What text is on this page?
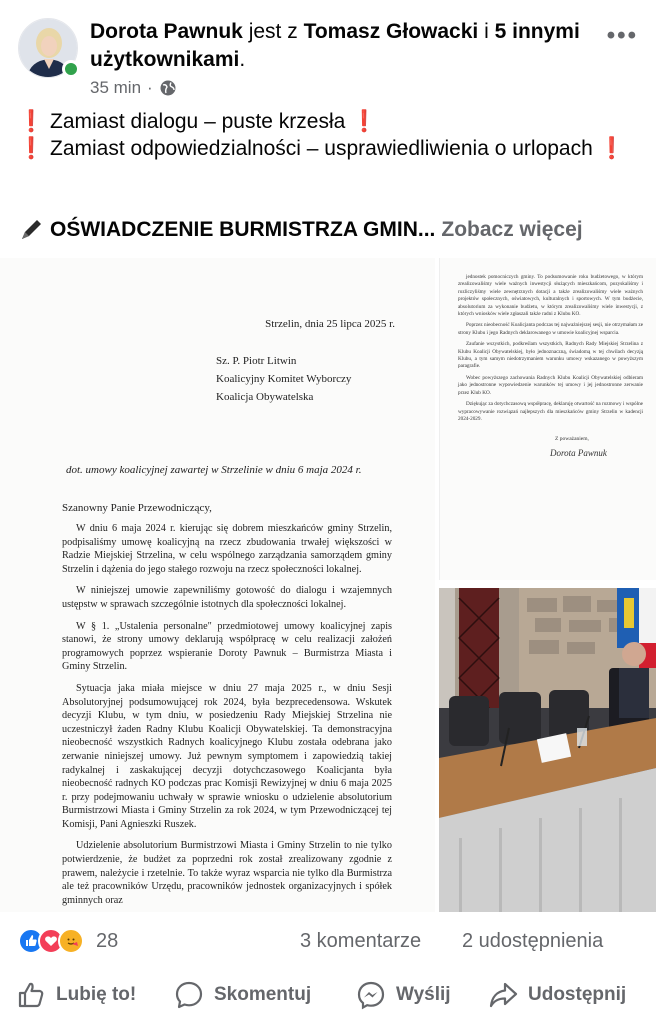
Dorota Pawnuk jest z Tomasz Głowacki i 5 innymi użytkownikami.
35 min ·
•••

❗ Zamiast dialogu – puste krzesła ❗

❗ Zamiast odpowiedzialności – usprawiedliwienia o urlopach ❗

OŚWIADCZENIE BURMISTRZA GMIN... Zobacz więcej
Strzelin, dnia 25 lipca 2025 r.
Sz. P. Piotr Litwin
Koalicyjny Komitet Wyborczy
Koalicja Obywatelska
dot. umowy koalicyjnej zawartej w Strzelinie w dniu 6 maja 2024 r.
Szanowny Panie Przewodniczący,

W dniu 6 maja 2024 r. kierując się dobrem mieszkańców gminy Strzelin, podpisaliśmy umowę koalicyjną na rzecz zbudowania trwałej większości w Radzie Miejskiej Strzelina, w celu wspólnego zarządzania samorządem gminy Strzelin i dążenia do jego stałego rozwoju na rzecz społeczności lokalnej.

W niniejszej umowie zapewniliśmy gotowość do dialogu i wzajemnych ustępstw w sprawach szczególnie istotnych dla społeczności lokalnej.

W § 1. „Ustalenia personalne" przedmiotowej umowy koalicyjnej zapis stanowi, że strony umowy deklarują współpracę w celu realizacji założeń programowych poprzez wspieranie Doroty Pawnuk – Burmistrza Miasta i Gminy Strzelin.

Sytuacja jaka miała miejsce w dniu 27 maja 2025 r., w dniu Sesji Absolutoryjnej podsumowującej rok 2024, była bezprecedensowa. Wskutek decyzji Klubu, w tym dniu, w posiedzeniu Rady Miejskiej Strzelina nie uczestniczył żaden Radny Klubu Koalicji Obywatelskiej. Ta demonstracyjna nieobecność wszystkich Radnych koalicyjnego Klubu została odebrana jako zerwanie niniejszej umowy. Już pewnym symptomem i zapowiedzią takiej radykalnej i zaskakującej decyzji dotychczasowego Koalicjanta była nieobecność radnych KO podczas prac Komisji Rewizyjnej w dniu 6 maja 2025 r. przy podejmowaniu uchwały w sprawie wniosku o udzielenie absolutorium Burmistrzowi Miasta i Gminy Strzelin za rok 2024, w tym Przewodniczącej tej Komisji, Pani Agnieszki Ruszek.

Udzielenie absolutorium Burmistrzowi Miasta i Gminy Strzelin to nie tylko potwierdzenie, że budżet za poprzedni rok został zrealizowany zgodnie z prawem, należycie i rzetelnie. To także wyraz wsparcia nie tylko dla Burmistrza ale też pracowników Urzędu, pracowników jednostek organizacyjnych i spółek gminnych oraz

jednostek pomocniczych gminy. To podsumowanie roku budżetowego, w którym zrealizowaliśmy wiele ważnych inwestycji służących mieszkańcom, pozyskaliśmy i rozliczyliśmy wiele zewnętrznych dotacji a także zrealizowaliśmy wiele ważnych projektów społecznych, oświatowych, kulturalnych i sportowych. W tym budżecie, absolutorium za wykonanie budżetu, w którym zrealizowaliśmy wiele inwestycji, z których wniosków wiele zgłaszali także radni z Klubu KO.

Poprzez nieobecność Koalicjanta podczas tej najważniejszej sesji, nie otrzymałam ze strony Klubu i jego Radnych deklarowanego w umowie koalicyjnej wsparcia.

Zaufanie wszystkich, podkreślam wszystkich, Radnych Rady Miejskiej Strzelina z Klubu Koalicji Obywatelskiej, było jednoznaczną, świadomą w tej chwilach decyzją Klubu, a tym samym niedotrzymaniem warunku umowy wskazanego w powyższym paragrafie.

Wobec powyższego zachowania Radnych Klubu Koalicji Obywatelskiej odbieram jako jednostronne wypowiedzenie warunków tej umowy i jej jednostronne zerwanie przez Klub KO.

Dziękując za dotychczasową współpracę, deklaruję otwartość na rozmowy i wspólne wypracowywanie rozwiązań najlepszych dla mieszkańców gminy Strzelin w kadencji 2024-2029.

Z poważaniem,
Dorota Pawnuk
28	3 komentarze 2 udostępnienia
Lubię to!	Skomentuj	Wyślij	Udostępnij
